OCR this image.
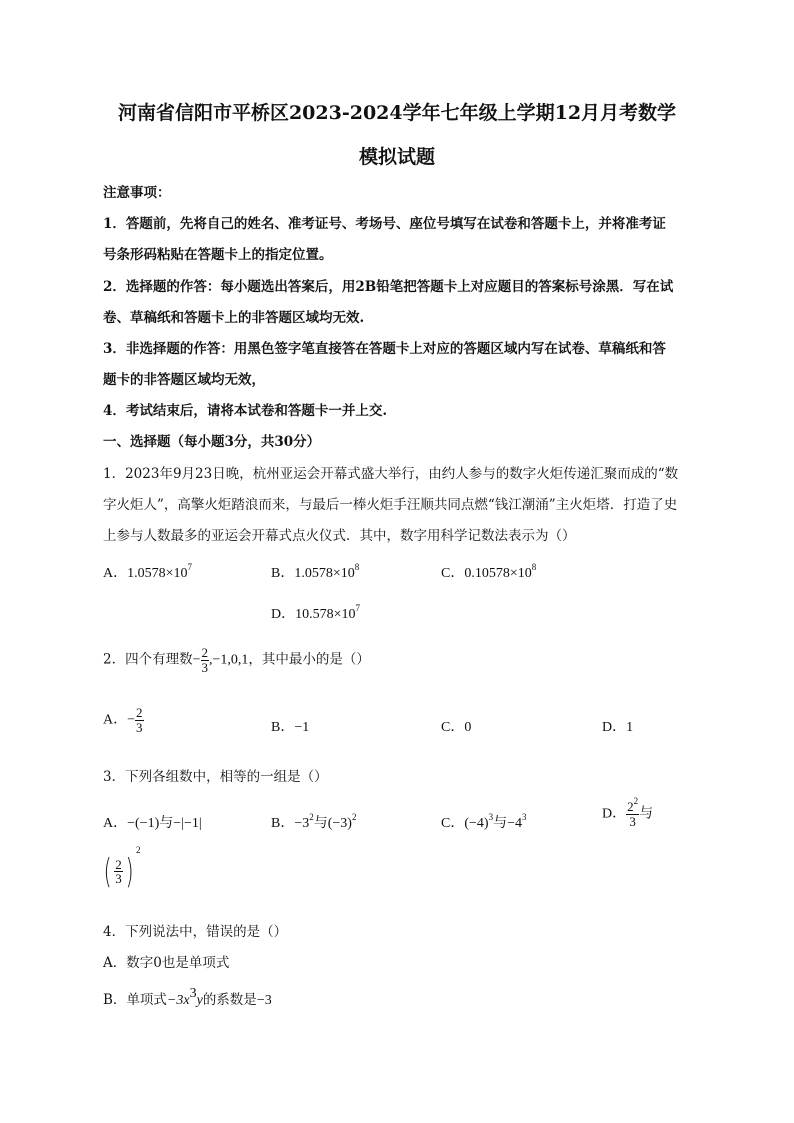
河南省信阳市平桥区2023-2024学年七年级上学期12月月考数学
模拟试题
注意事项：
1．答题前，先将自己的姓名、准考证号、考场号、座位号填写在试卷和答题卡上，并将准考证
号条形码粘贴在答题卡上的指定位置。
2．选择题的作答：每小题选出答案后，用2B铅笔把答题卡上对应题目的答案标号涂黑．写在试
卷、草稿纸和答题卡上的非答题区域均无效.
3．非选择题的作答：用黑色签字笔直接答在答题卡上对应的答题区域内写在试卷、草稿纸和答
题卡的非答题区域均无效，
4．考试结束后，请将本试卷和答题卡一并上交.
一、选择题（每小题3分，共30分）
1．2023年9月23日晚，杭州亚运会开幕式盛大举行，由约人参与的数字火炬传递汇聚而成的“数
字火炬人”，高擎火炬踏浪而来，与最后一棒火炬手汪顺共同点燃“钱江潮涌”主火炬塔．打造了史
上参与人数最多的亚运会开幕式点火仪式．其中，数字用科学记数法表示为（）
A．$1.0578\times 10^7$	B．$1.0578\times 10^8$	C．$0.10578\times 10^8$
D．$10.578\times 10^7$
2．四个有理数− $\frac{2}{3} ,-1,0,1$，其中最小的是（）
A．− $\frac{2}{3}$	B．−1	C．0	D．1
3．下列各组数中，相等的一组是（）
A．−(−1)与−|−1|	B．$-3^2$与$(-3)^2$	C．$(-4)^3$与$-4^3$	D． $\frac{2^2}{3}$ 与
( $\frac{2}{3} )^2$
4．下列说法中，错误的是（）
A．数字0也是单项式
B．单项式$-3x^3y$的系数是−3
